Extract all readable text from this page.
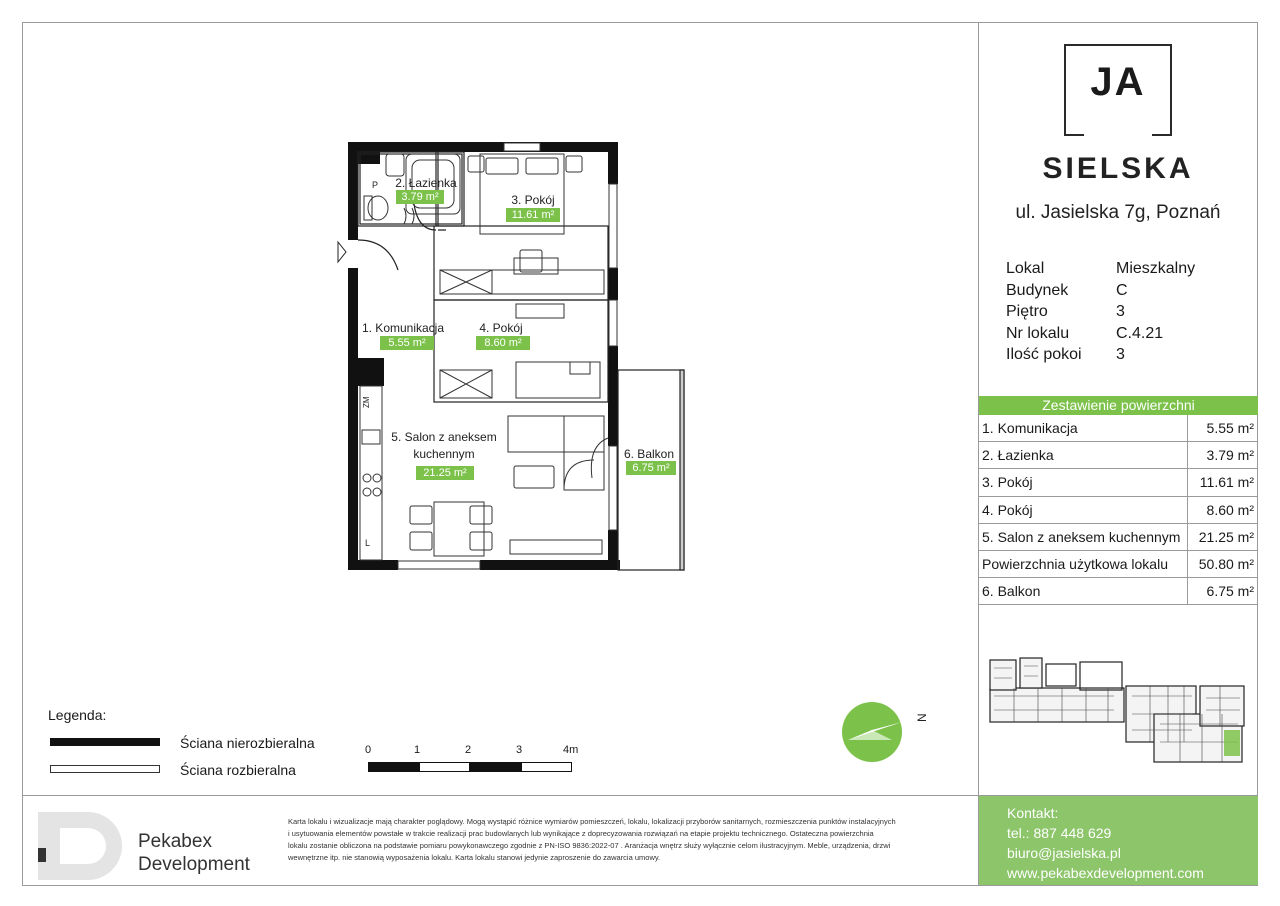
JA
SIELSKA
ul. Jasielska 7g, Poznań
Lokal	Mieszkalny
Budynek	C
Piętro	3
Nr lokalu	C.4.21
Ilość pokoi	3
Zestawienie powierzchni
1. Komunikacja	5.55 m²
2. Łazienka	3.79 m²
3. Pokój	11.61 m²
4. Pokój	8.60 m²
5. Salon z aneksem kuchennym 21.25 m²
Powierzchnia użytkowa lokalu 50.80 m²
6. Balkon	6.75 m²
P
ZM
L
2. Łazienka
3.79 m²	3. Pokój
11.61 m²
1. Komunikacja
5.55 m²
4. Pokój
8.60 m²
5. Salon z aneksem
kuchennym
21.25 m²
6. Balkon
6.75 m²
N
Legenda:
Ściana nierozbieralna
Ściana rozbieralna
0	1	2	3	4m
Pekabex
Development
Karta lokalu i wizualizacje mają charakter poglądowy. Mogą wystąpić różnice wymiarów pomieszczeń, lokalu, lokalizacji przyborów sanitarnych, rozmieszczenia punktów instalacyjnych
i usytuowania elementów powstałe w trakcie realizacji prac budowlanych lub wynikające z doprecyzowania rozwiązań na etapie projektu technicznego. Ostateczna powierzchnia
lokalu zostanie obliczona na podstawie pomiaru powykonawczego zgodnie z PN-ISO 9836:2022-07 . Aranżacja wnętrz służy wyłącznie celom ilustracyjnym. Meble, urządzenia, drzwi
wewnętrzne itp. nie stanowią wyposażenia lokalu. Karta lokalu stanowi jedynie zaproszenie do zawarcia umowy.
Kontakt:
tel.: 887 448 629
biuro@jasielska.pl
www.pekabexdevelopment.com
